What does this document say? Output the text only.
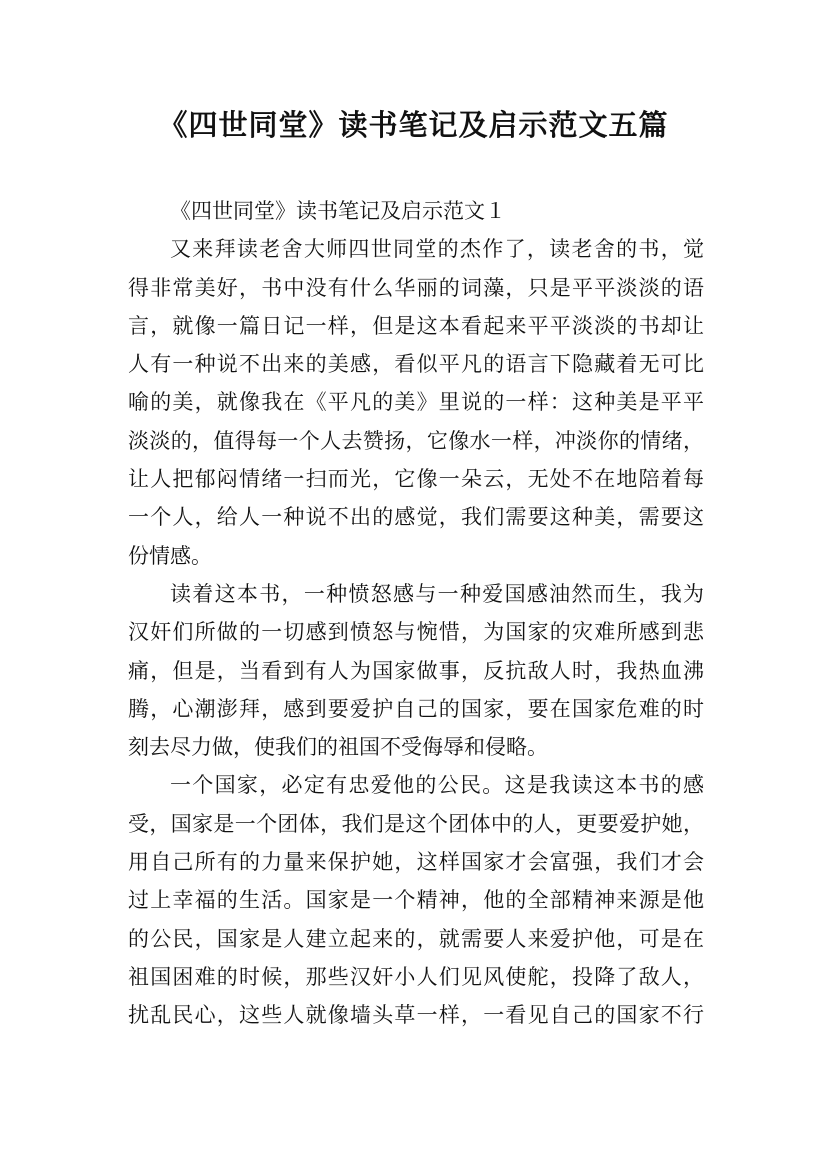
《四世同堂》读书笔记及启示范文五篇
《四世同堂》读书笔记及启示范文１

又来拜读老舍大师四世同堂的杰作了，读老舍的书，觉
得非常美好，书中没有什么华丽的词藻，只是平平淡淡的语
言，就像一篇日记一样，但是这本看起来平平淡淡的书却让
人有一种说不出来的美感，看似平凡的语言下隐藏着无可比
喻的美，就像我在《平凡的美》里说的一样：这种美是平平
淡淡的，值得每一个人去赞扬，它像水一样，冲淡你的情绪，
让人把郁闷情绪一扫而光，它像一朵云，无处不在地陪着每
一个人，给人一种说不出的感觉，我们需要这种美，需要这
份情感。

读着这本书，一种愤怒感与一种爱国感油然而生，我为
汉奸们所做的一切感到愤怒与惋惜，为国家的灾难所感到悲
痛，但是，当看到有人为国家做事，反抗敌人时，我热血沸
腾，心潮澎拜，感到要爱护自己的国家，要在国家危难的时
刻去尽力做，使我们的祖国不受侮辱和侵略。

一个国家，必定有忠爱他的公民。这是我读这本书的感
受，国家是一个团体，我们是这个团体中的人，更要爱护她，
用自己所有的力量来保护她，这样国家才会富强，我们才会
过上幸福的生活。国家是一个精神，他的全部精神来源是他
的公民，国家是人建立起来的，就需要人来爱护他，可是在
祖国困难的时候，那些汉奸小人们见风使舵，投降了敌人，
扰乱民心，这些人就像墙头草一样，一看见自己的国家不行
